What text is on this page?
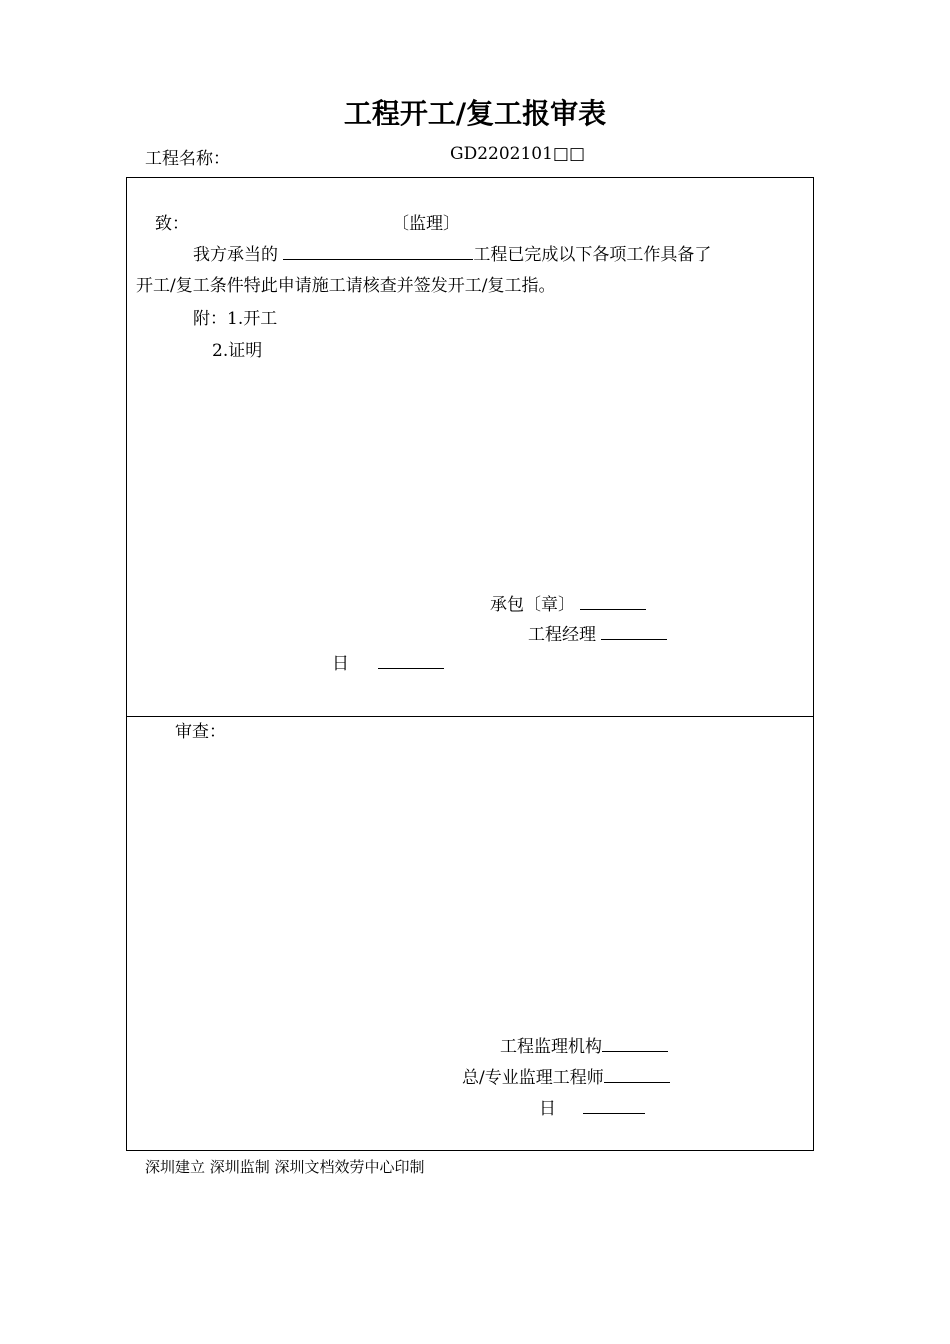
工程开工/复工报审表
工程名称：	GD2202101□□
致：	〔监理〕
我方承当的	工程已完成以下各项工作具备了
开工/复工条件特此申请施工请核查并签发开工/复工指。
附：1.开工
2.证明
承包〔章〕
工程经理
日
审查：
工程监理机构
总/专业监理工程师
日
深圳建立 深圳监制 深圳文档效劳中心印制
